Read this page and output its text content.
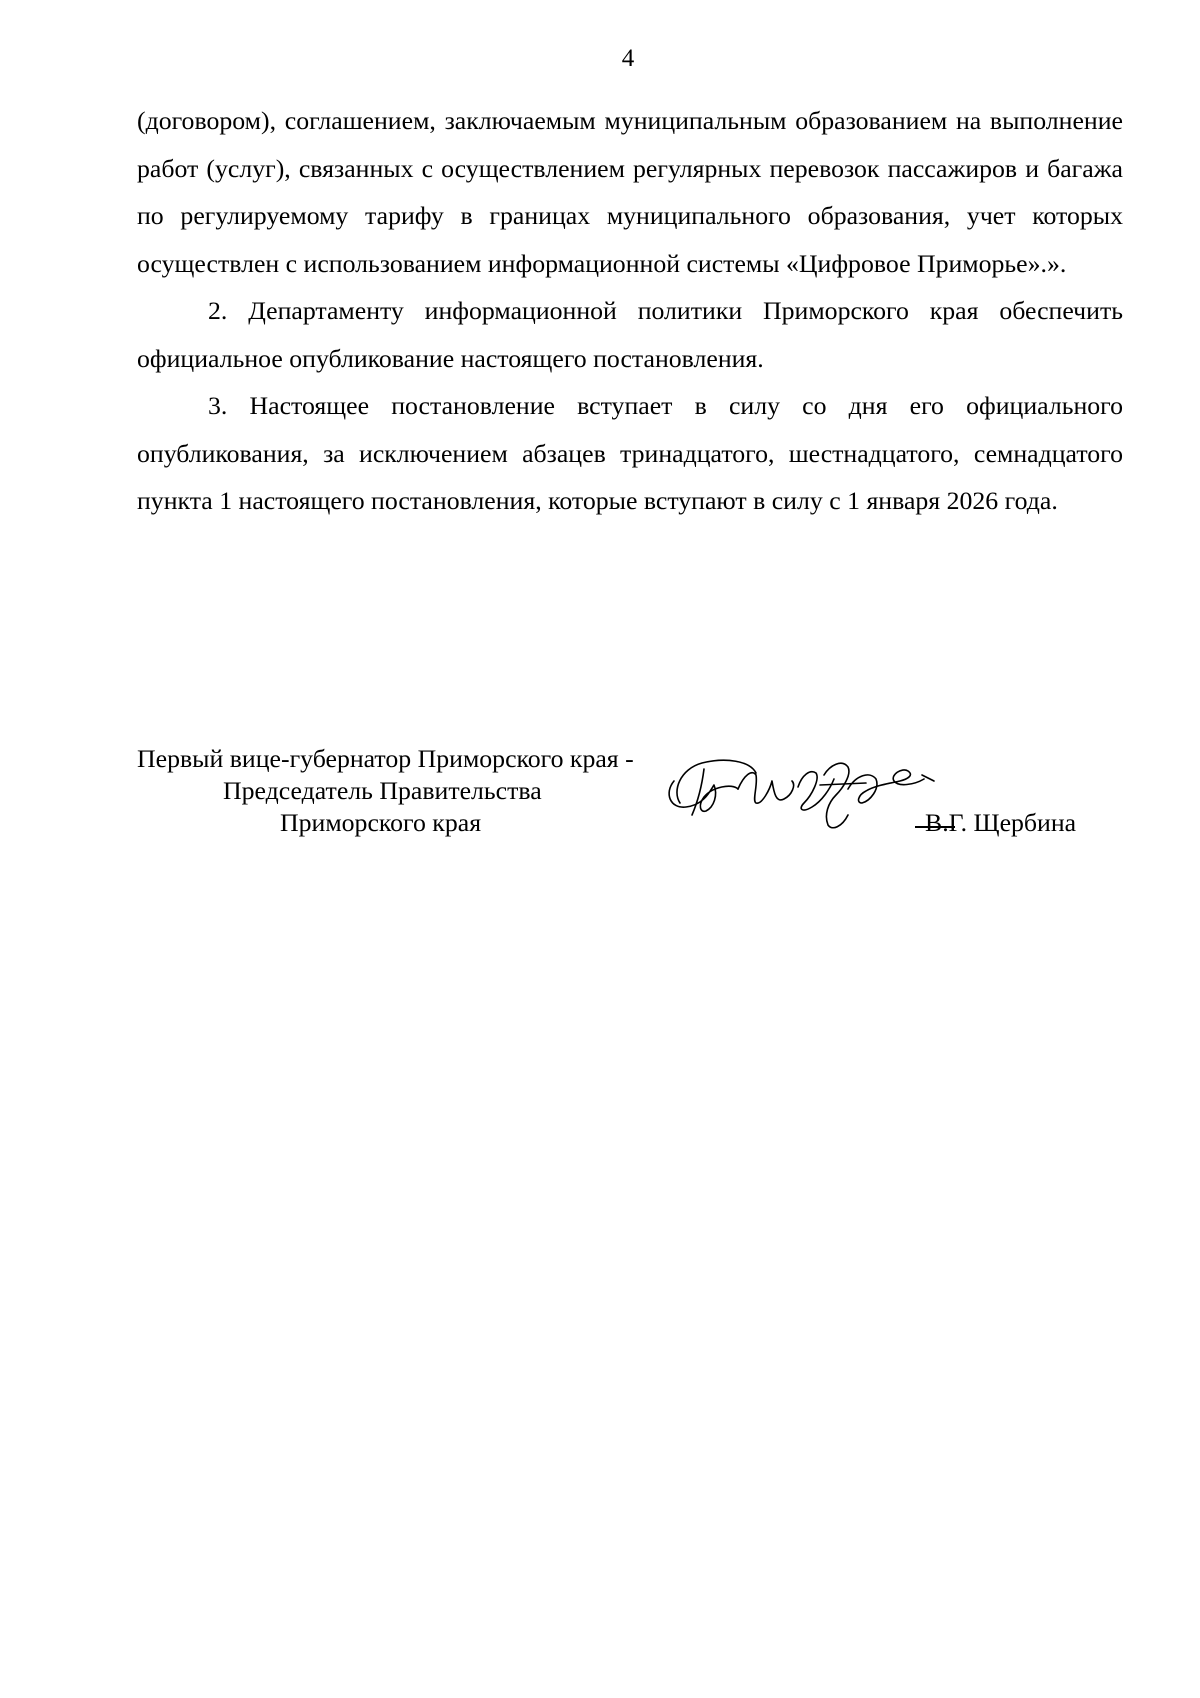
4

(договором), соглашением, заключаемым муниципальным образованием на выполнение работ (услуг), связанных с осуществлением регулярных перевозок пассажиров и багажа по регулируемому тарифу в границах муниципального образования, учет которых осуществлен с использованием информационной системы «Цифровое Приморье».».

2. Департаменту информационной политики Приморского края обеспечить официальное опубликование настоящего постановления.

3. Настоящее постановление вступает в силу со дня его официального опубликования, за исключением абзацев тринадцатого, шестнадцатого, семнадцатого пункта 1 настоящего постановления, которые вступают в силу с 1 января 2026 года.

Первый вице-губернатор Приморского края -
Председатель Правительства
Приморского края	В.Г. Щербина
